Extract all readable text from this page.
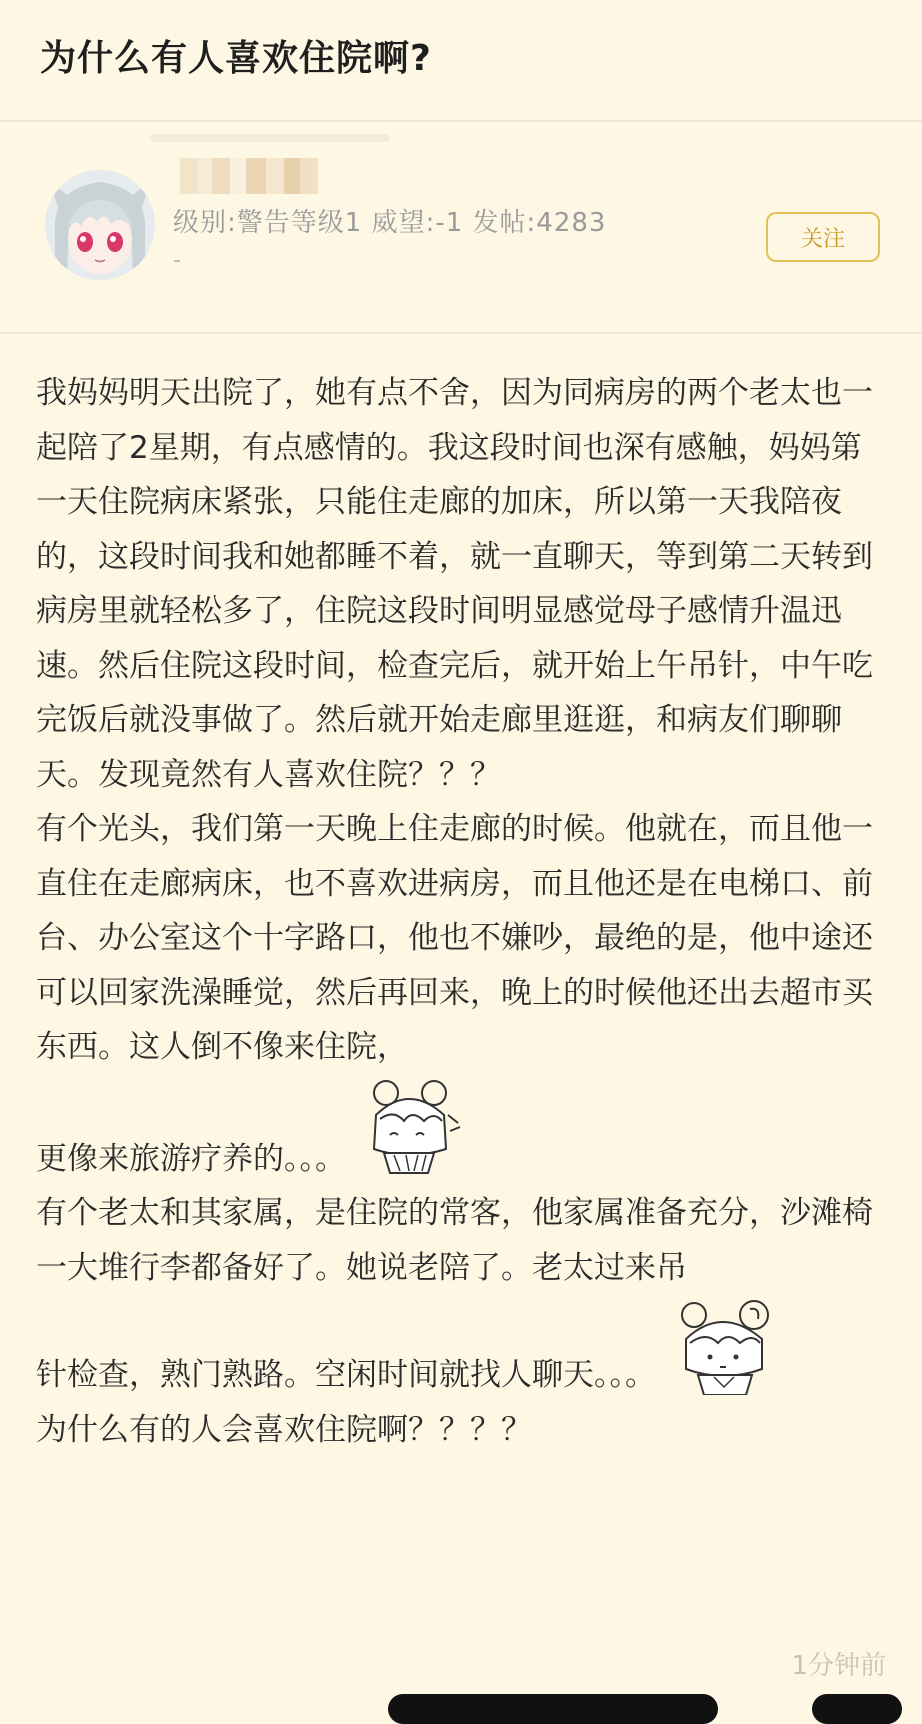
为什么有人喜欢住院啊?
级别:警告等级1 威望:-1 发帖:4283
-
关注

我妈妈明天出院了，她有点不舍，因为同病房的两个老太也一起陪了2星期，有点感情的。我这段时间也深有感触，妈妈第一天住院病床紧张，只能住走廊的加床，所以第一天我陪夜的，这段时间我和她都睡不着，就一直聊天，等到第二天转到病房里就轻松多了，住院这段时间明显感觉母子感情升温迅速。然后住院这段时间，检查完后，就开始上午吊针，中午吃完饭后就没事做了。然后就开始走廊里逛逛，和病友们聊聊天。发现竟然有人喜欢住院？？？

有个光头，我们第一天晚上住走廊的时候。他就在，而且他一直住在走廊病床，也不喜欢进病房，而且他还是在电梯口、前台、办公室这个十字路口，他也不嫌吵，最绝的是，他中途还可以回家洗澡睡觉，然后再回来，晚上的时候他还出去超市买东西。这人倒不像来住院，
更像来旅游疗养的。。。

有个老太和其家属，是住院的常客，他家属准备充分，沙滩椅一大堆行李都备好了。她说老陪了。老太过来吊
针检查，熟门熟路。空闲时间就找人聊天。。。

为什么有的人会喜欢住院啊？？？？

1分钟前
